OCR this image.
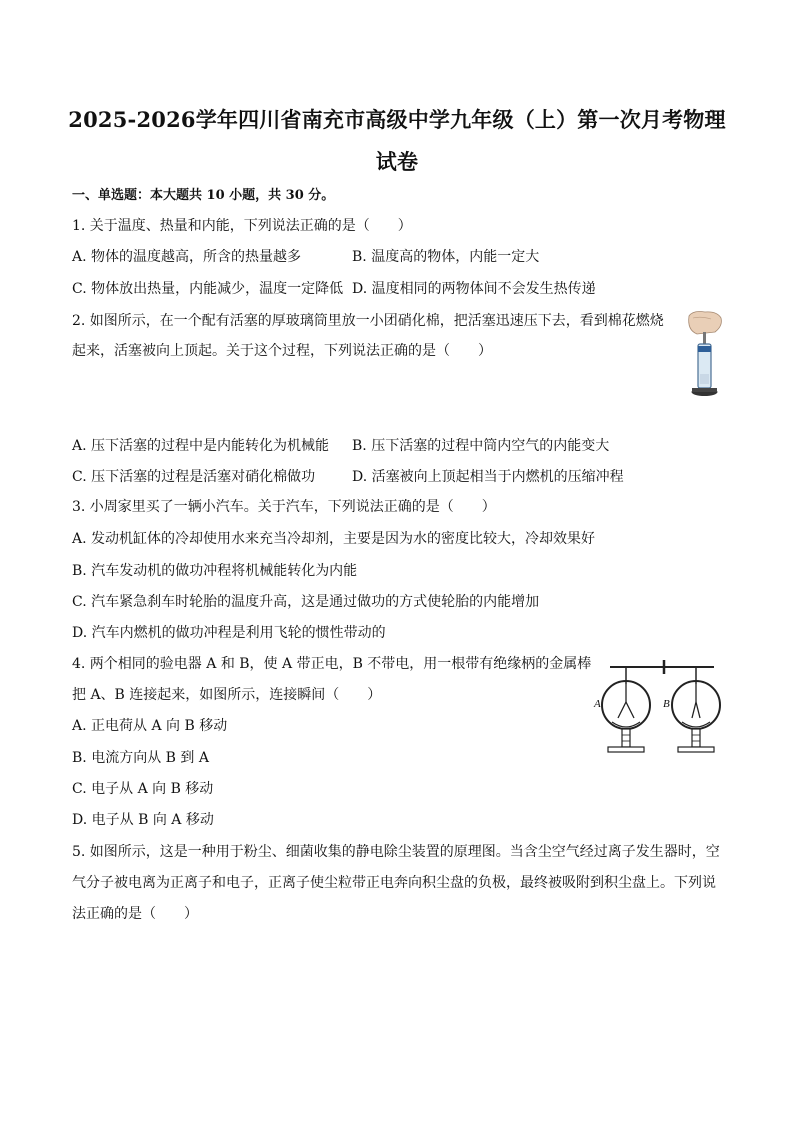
2025-2026学年四川省南充市高级中学九年级（上）第一次月考物理
试卷
一、单选题：本大题共 10 小题，共 30 分。
1. 关于温度、热量和内能，下列说法正确的是（　　）
A. 物体的温度越高，所含的热量越多	B. 温度高的物体，内能一定大
C. 物体放出热量，内能减少，温度一定降低 D. 温度相同的两物体间不会发生热传递
2. 如图所示，在一个配有活塞的厚玻璃筒里放一小团硝化棉，把活塞迅速压下去，看到棉花燃烧
起来，活塞被向上顶起。关于这个过程，下列说法正确的是（　　）
A. 压下活塞的过程中是内能转化为机械能 B. 压下活塞的过程中筒内空气的内能变大
C. 压下活塞的过程是活塞对硝化棉做功	D. 活塞被向上顶起相当于内燃机的压缩冲程
3. 小周家里买了一辆小汽车。关于汽车，下列说法正确的是（　　）
A. 发动机缸体的冷却使用水来充当冷却剂，主要是因为水的密度比较大，冷却效果好
B. 汽车发动机的做功冲程将机械能转化为内能
C. 汽车紧急刹车时轮胎的温度升高，这是通过做功的方式使轮胎的内能增加
D. 汽车内燃机的做功冲程是利用飞轮的惯性带动的
4. 两个相同的验电器 A 和 B，使 A 带正电，B 不带电，用一根带有绝缘柄的金属棒
把 A、B 连接起来，如图所示，连接瞬间（　　）
A. 正电荷从 A 向 B 移动
B. 电流方向从 B 到 A
C. 电子从 A 向 B 移动
D. 电子从 B 向 A 移动
A	B
5. 如图所示，这是一种用于粉尘、细菌收集的静电除尘装置的原理图。当含尘空气经过离子发生器时，空
气分子被电离为正离子和电子，正离子使尘粒带正电奔向积尘盘的负极，最终被吸附到积尘盘上。下列说
法正确的是（　　）
